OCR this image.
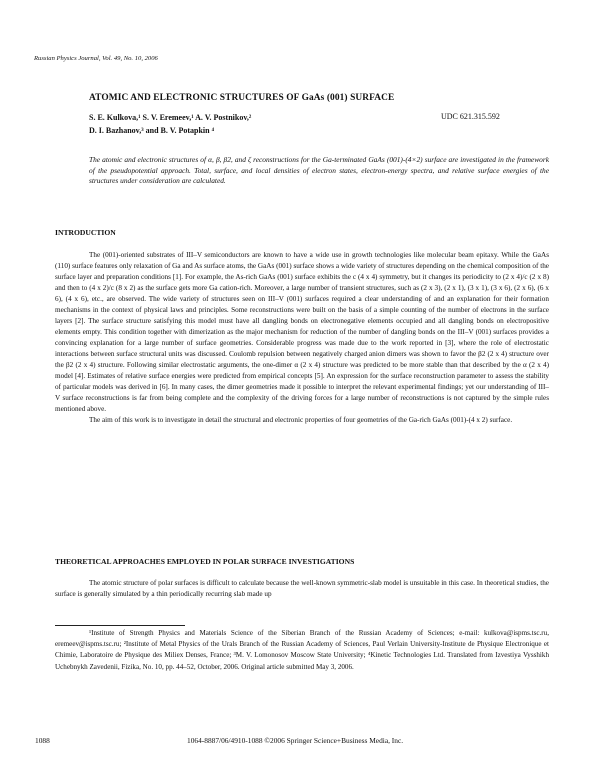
Russian Physics Journal, Vol. 49, No. 10, 2006
ATOMIC AND ELECTRONIC STRUCTURES OF GaAs (001) SURFACE
S. E. Kulkova,¹ S. V. Eremeev,¹ A. V. Postnikov,²
D. I. Bazhanov,³ and B. V. Potapkin ⁴
UDC 621.315.592
The atomic and electronic structures of α, β, β2, and ζ reconstructions for the Ga-terminated GaAs (001)-(4×2) surface are investigated in the framework of the pseudopotential approach. Total, surface, and local densities of electron states, electron-energy spectra, and relative surface energies of the structures under consideration are calculated.
INTRODUCTION

The (001)-oriented substrates of III–V semiconductors are known to have a wide use in growth technologies like molecular beam epitaxy. While the GaAs (110) surface features only relaxation of Ga and As surface atoms, the GaAs (001) surface shows a wide variety of structures depending on the chemical composition of the surface layer and preparation conditions [1]. For example, the As-rich GaAs (001) surface exhibits the c (4 x 4) symmetry, but it changes its periodicity to (2 x 4)/c (2 x 8) and then to (4 x 2)/c (8 x 2) as the surface gets more Ga cation-rich. Moreover, a large number of transient structures, such as (2 x 3), (2 x 1), (3 x 1), (3 x 6), (2 x 6), (6 x 6), (4 x 6), etc., are observed. The wide variety of structures seen on III–V (001) surfaces required a clear understanding of and an explanation for their formation mechanisms in the context of physical laws and principles. Some reconstructions were built on the basis of a simple counting of the number of electrons in the surface layers [2]. The surface structure satisfying this model must have all dangling bonds on electronegative elements occupied and all dangling bonds on electropositive elements empty. This condition together with dimerization as the major mechanism for reduction of the number of dangling bonds on the III–V (001) surfaces provides a convincing explanation for a large number of surface geometries. Considerable progress was made due to the work reported in [3], where the role of electrostatic interactions between surface structural units was discussed. Coulomb repulsion between negatively charged anion dimers was shown to favor the β2 (2 x 4) structure over the β2 (2 x 4) structure. Following similar electrostatic arguments, the one-dimer α (2 x 4) structure was predicted to be more stable than that described by the α (2 x 4) model [4]. Estimates of relative surface energies were predicted from empirical concepts [5]. An expression for the surface reconstruction parameter to assess the stability of particular models was derived in [6]. In many cases, the dimer geometries made it possible to interpret the relevant experimental findings; yet our understanding of III–V surface reconstructions is far from being complete and the complexity of the driving forces for a large number of reconstructions is not captured by the simple rules mentioned above.

The aim of this work is to investigate in detail the structural and electronic properties of four geometries of the Ga-rich GaAs (001)-(4 x 2) surface.

THEORETICAL APPROACHES EMPLOYED IN POLAR SURFACE INVESTIGATIONS

The atomic structure of polar surfaces is difficult to calculate because the well-known symmetric-slab model is unsuitable in this case. In theoretical studies, the surface is generally simulated by a thin periodically recurring slab made up

¹Institute of Strength Physics and Materials Science of the Siberian Branch of the Russian Academy of Sciences; e-mail: kulkova@ispms.tsc.ru, eremeev@ispms.tsc.ru; ²Institute of Metal Physics of the Urals Branch of the Russian Academy of Sciences, Paul Verlain University-Institute de Physique Electronique et Chimie, Laboratoire de Physique des Miliex Denses, France; ³M. V. Lomonosov Moscow State University; ⁴Kinetic Technologies Ltd. Translated from Izvestiya Vysshikh Uchebnykh Zavedenii, Fizika, No. 10, pp. 44–52, October, 2006. Original article submitted May 3, 2006.
1088	1064-8887/06/4910-1088 ©2006 Springer Science+Business Media, Inc.
